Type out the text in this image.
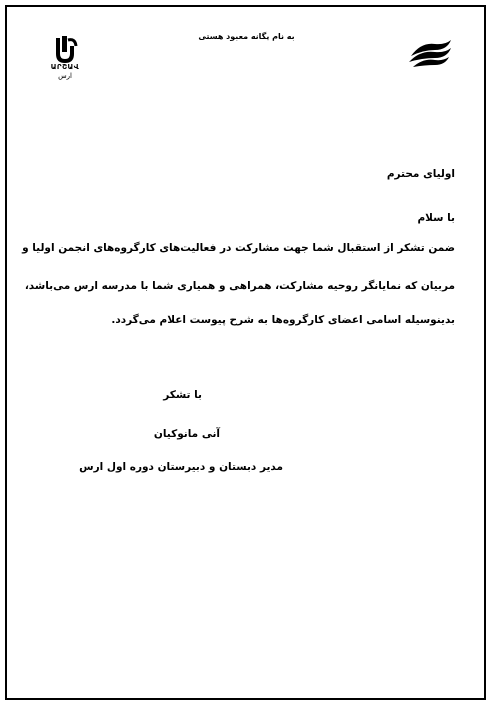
به نام یگانه معبود هستی
ԱՐՇԱՎ
ارس
اولیای محترم
با سلام
ضمن تشکر از استقبال شما جهت مشارکت در فعالیت‌های کارگروه‌های انجمن اولیا و
مربیان که نمایانگر روحیه مشارکت، همراهی و همیاری شما با مدرسه ارس می‌باشد،
بدینوسیله اسامی اعضای کارگروه‌ها به شرح پیوست اعلام می‌گردد.
با تشکر
آنی مانوکیان
مدیر دبستان و دبیرستان دوره اول ارس
